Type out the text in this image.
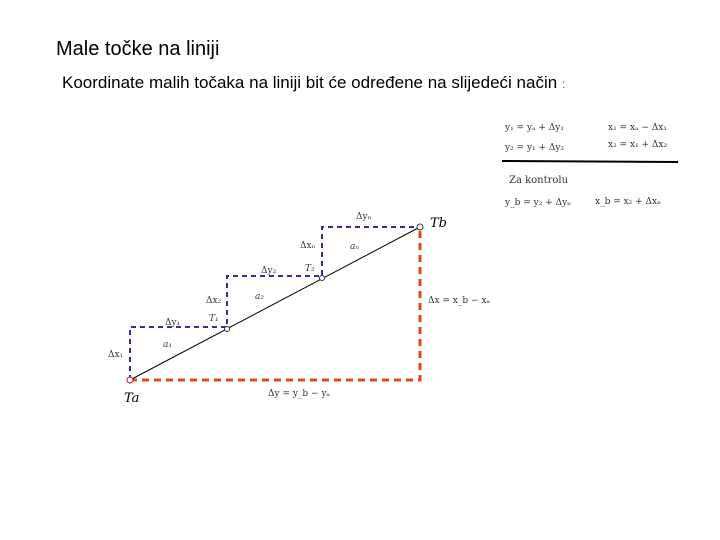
Male točke na liniji
Koordinate malih točaka na liniji bit će određene na slijedeći način :
y₁ = yₐ + Δy₁	x₁ = xₐ − Δx₁
y₂ = y₁ + Δy₂	x₂ = x₁ + Δx₂
Za kontrolu
y_b = y₂ + Δyₙ	x_b = x₂ + Δxₙ
Ta
Tb
T₁
T₂
Δx₁
Δy₁
a₁
Δx₂
Δy₂
a₂
Δxₙ
Δyₙ
aₙ
Δx = x_b − xₐ
Δy = y_b − yₐ
